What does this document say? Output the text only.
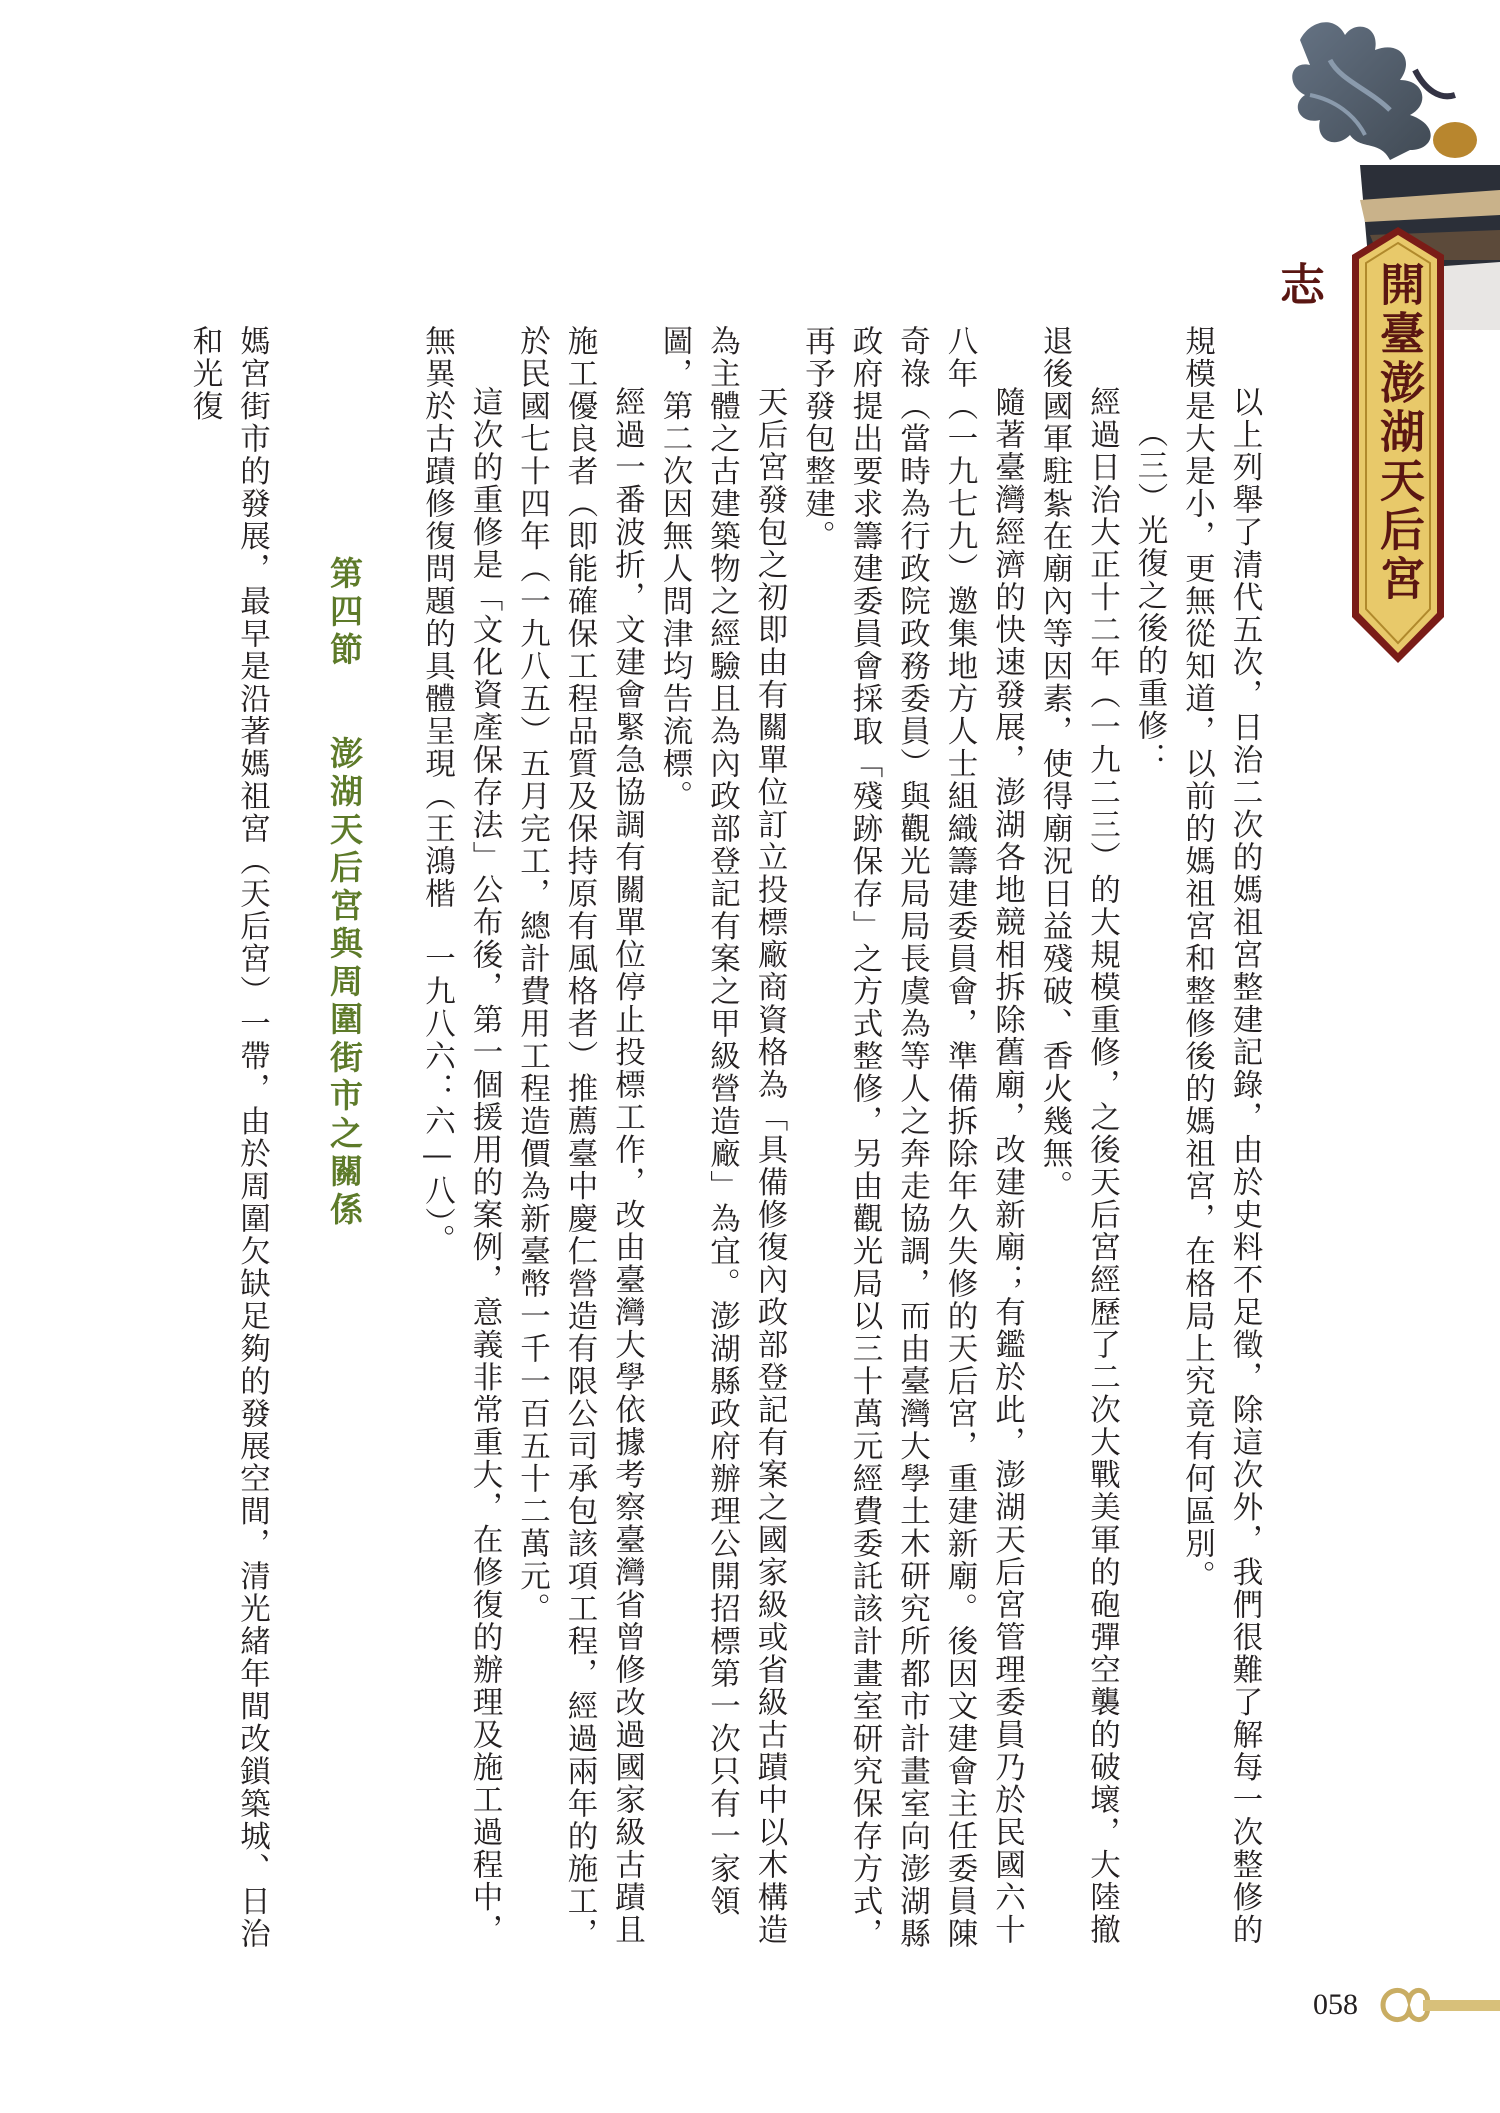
開臺澎湖天后宮志

以上列舉了清代五次，日治二次的媽祖宮整建記錄，由於史料不足徵，除這次外，我們很難了解每一次整修的規模是大是小，更無從知道，以前的媽祖宮和整修後的媽祖宮，在格局上究竟有何區別。

（三）光復之後的重修：

經過日治大正十二年（一九二三）的大規模重修，之後天后宮經歷了二次大戰美軍的砲彈空襲的破壞，大陸撤退後國軍駐紮在廟內等因素，使得廟況日益殘破、香火幾無。

隨著臺灣經濟的快速發展，澎湖各地競相拆除舊廟，改建新廟；有鑑於此，澎湖天后宮管理委員乃於民國六十八年（一九七九）邀集地方人士組織籌建委員會，準備拆除年久失修的天后宮，重建新廟。後因文建會主任委員陳奇祿（當時為行政院政務委員）與觀光局局長虞為等人之奔走協調，而由臺灣大學土木研究所都市計畫室向澎湖縣政府提出要求籌建委員會採取「殘跡保存」之方式整修，另由觀光局以三十萬元經費委託該計畫室研究保存方式，再予發包整建。

天后宮發包之初即由有關單位訂立投標廠商資格為「具備修復內政部登記有案之國家級或省級古蹟中以木構造為主體之古建築物之經驗且為內政部登記有案之甲級營造廠」為宜。澎湖縣政府辦理公開招標第一次只有一家領圖，第二次因無人問津均告流標。

經過一番波折，文建會緊急協調有關單位停止投標工作，改由臺灣大學依據考察臺灣省曾修改過國家級古蹟且施工優良者（即能確保工程品質及保持原有風格者）推薦臺中慶仁營造有限公司承包該項工程，經過兩年的施工，於民國七十四年（一九八五）五月完工，總計費用工程造價為新臺幣一千一百五十二萬元。

這次的重修是「文化資產保存法」公布後，第一個援用的案例，意義非常重大，在修復的辦理及施工過程中，無異於古蹟修復問題的具體呈現（王鴻楷　一九八六：六—八）。

第四節澎湖天后宮與周圍街市之關係

媽宮街市的發展，最早是沿著媽祖宮（天后宮）一帶，由於周圍欠缺足夠的發展空間，清光緒年間改鎖築城、日治和光復

058
